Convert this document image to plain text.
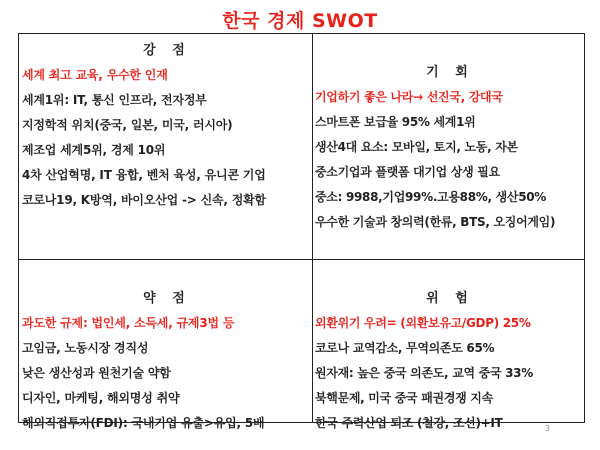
한국 경제 SWOT
강 점
세계 최고 교육, 우수한 인재
세계1위: IT, 통신 인프라, 전자정부
지정학적 위치(중국, 일본, 미국, 러시아)
제조업 세계5위, 경제 10위
4차 산업혁명, IT 융합, 벤처 육성, 유니콘 기업
코로나19, K방역, 바이오산업 -> 신속, 정확함
기 회
기업하기 좋은 나라→ 선진국, 강대국
스마트폰 보급율 95% 세계1위
생산4대 요소: 모바일, 토지, 노동, 자본
중소기업과 플랫폼 대기업 상생 필요
중소: 9988,기업99%.고용88%, 생산50%
우수한 기술과 창의력(한류, BTS, 오징어게임)
약 점
과도한 규제: 법인세, 소득세, 규제3법 등
고임금, 노동시장 경직성
낮은 생산성과 원천기술 약함
디자인, 마케팅, 해외명성 취약
해외직접투자(FDI): 국내기업 유출>유입, 5배
위 험
외환위기 우려= (외환보유고/GDP) 25%
코로나 교역감소, 무역의존도 65%
원자재: 높은 중국 의존도, 교역 중국 33%
북핵문제, 미국 중국 패권경쟁 지속
한국 주력산업 퇴조 (철강, 조선)+IT	3
